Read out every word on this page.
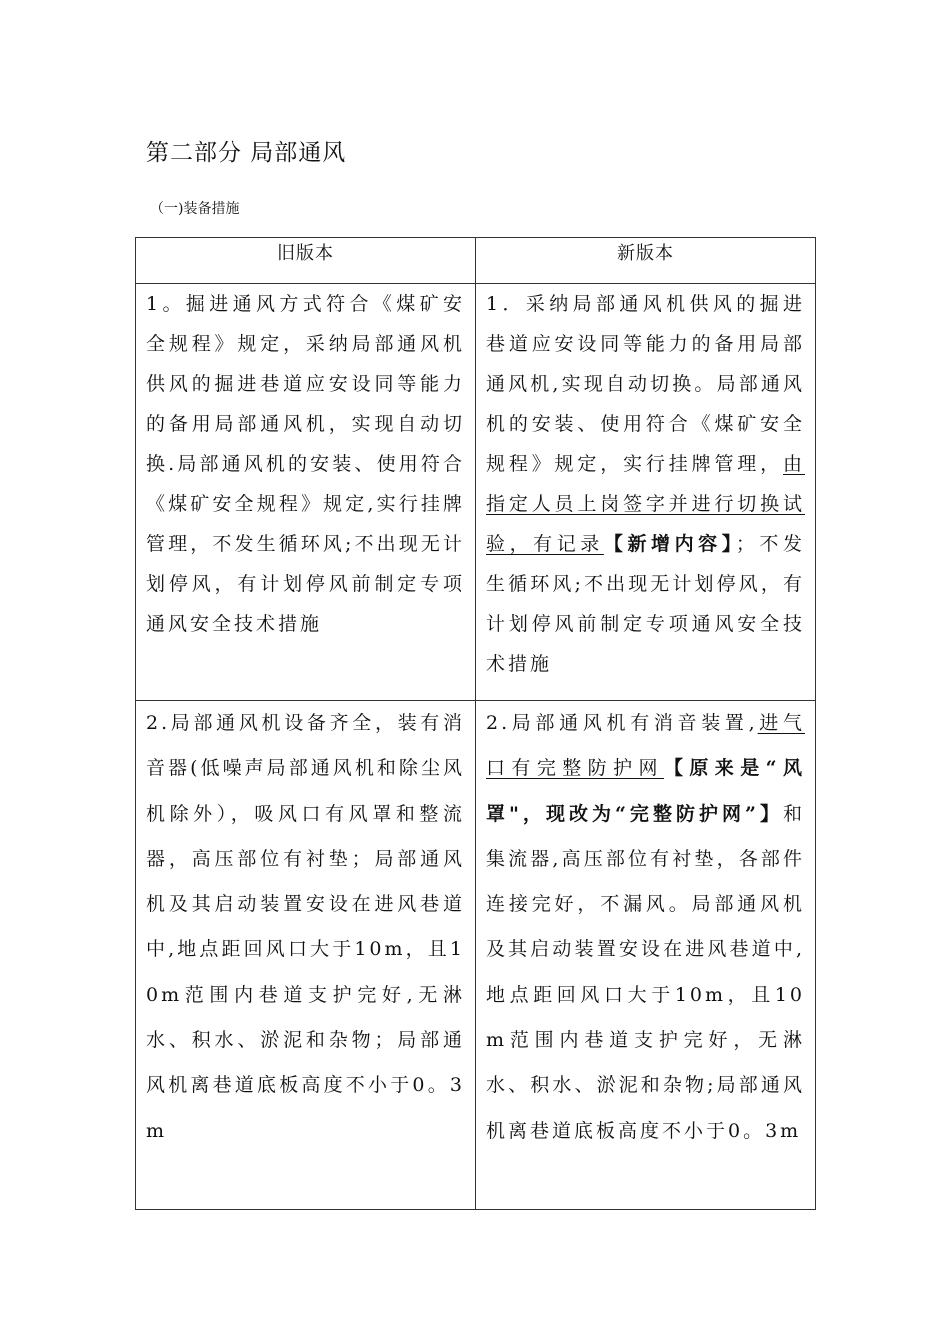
第二部分 局部通风
（一)装备措施
旧版本	新版本
1。掘进通风方式符合《煤矿安全规程》规定，采纳局部通风机供风的掘进巷道应安设同等能力的备用局部通风机，实现自动切换.局部通风机的安装、使用符合《煤矿安全规程》规定,实行挂牌管理，不发生循环风;不出现无计划停风，有计划停风前制定专项通风安全技术措施	1．采纳局部通风机供风的掘进巷道应安设同等能力的备用局部通风机,实现自动切换。局部通风机的安装、使用符合《煤矿安全规程》规定，实行挂牌管理，由指定人员上岗签字并进行切换试验，有记录【新增内容】；不发生循环风;不出现无计划停风，有计划停风前制定专项通风安全技术措施
2.局部通风机设备齐全，装有消音器(低噪声局部通风机和除尘风机除外），吸风口有风罩和整流器，高压部位有衬垫；局部通风机及其启动装置安设在进风巷道中,地点距回风口大于10m，且10m范围内巷道支护完好,无淋水、积水、淤泥和杂物；局部通风机离巷道底板高度不小于0。3m	2.局部通风机有消音装置,进气口有完整防护网【原来是“风罩"，现改为“完整防护网”】和集流器,高压部位有衬垫，各部件连接完好，不漏风。局部通风机及其启动装置安设在进风巷道中,地点距回风口大于10m，且10m范围内巷道支护完好，无淋水、积水、淤泥和杂物;局部通风机离巷道底板高度不小于0。3m
